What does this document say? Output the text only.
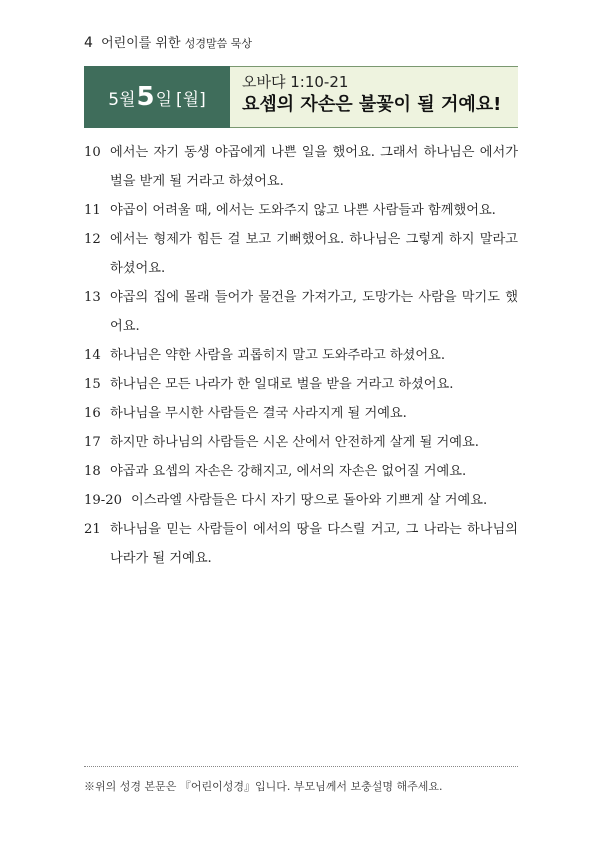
4 어린이를 위한 성경말씀 묵상
5월 5 일 [월]
오바댜 1:10-21
요셉의 자손은 불꽃이 될 거예요!
10 에서는 자기 동생 야곱에게 나쁜 일을 했어요. 그래서 하나님은 에서가 벌을 받게 될 거라고 하셨어요.
11 야곱이 어려울 때, 에서는 도와주지 않고 나쁜 사람들과 함께했어요.
12 에서는 형제가 힘든 걸 보고 기뻐했어요. 하나님은 그렇게 하지 말라고 하셨어요.
13 야곱의 집에 몰래 들어가 물건을 가져가고, 도망가는 사람을 막기도 했어요.
14 하나님은 약한 사람을 괴롭히지 말고 도와주라고 하셨어요.
15 하나님은 모든 나라가 한 일대로 벌을 받을 거라고 하셨어요.
16 하나님을 무시한 사람들은 결국 사라지게 될 거예요.
17 하지만 하나님의 사람들은 시온 산에서 안전하게 살게 될 거예요.
18 야곱과 요셉의 자손은 강해지고, 에서의 자손은 없어질 거예요.
19-20 이스라엘 사람들은 다시 자기 땅으로 돌아와 기쁘게 살 거예요.
21 하나님을 믿는 사람들이 에서의 땅을 다스릴 거고, 그 나라는 하나님의 나라가 될 거예요.
※위의 성경 본문은 『어린이성경』입니다. 부모님께서 보충설명 해주세요.
